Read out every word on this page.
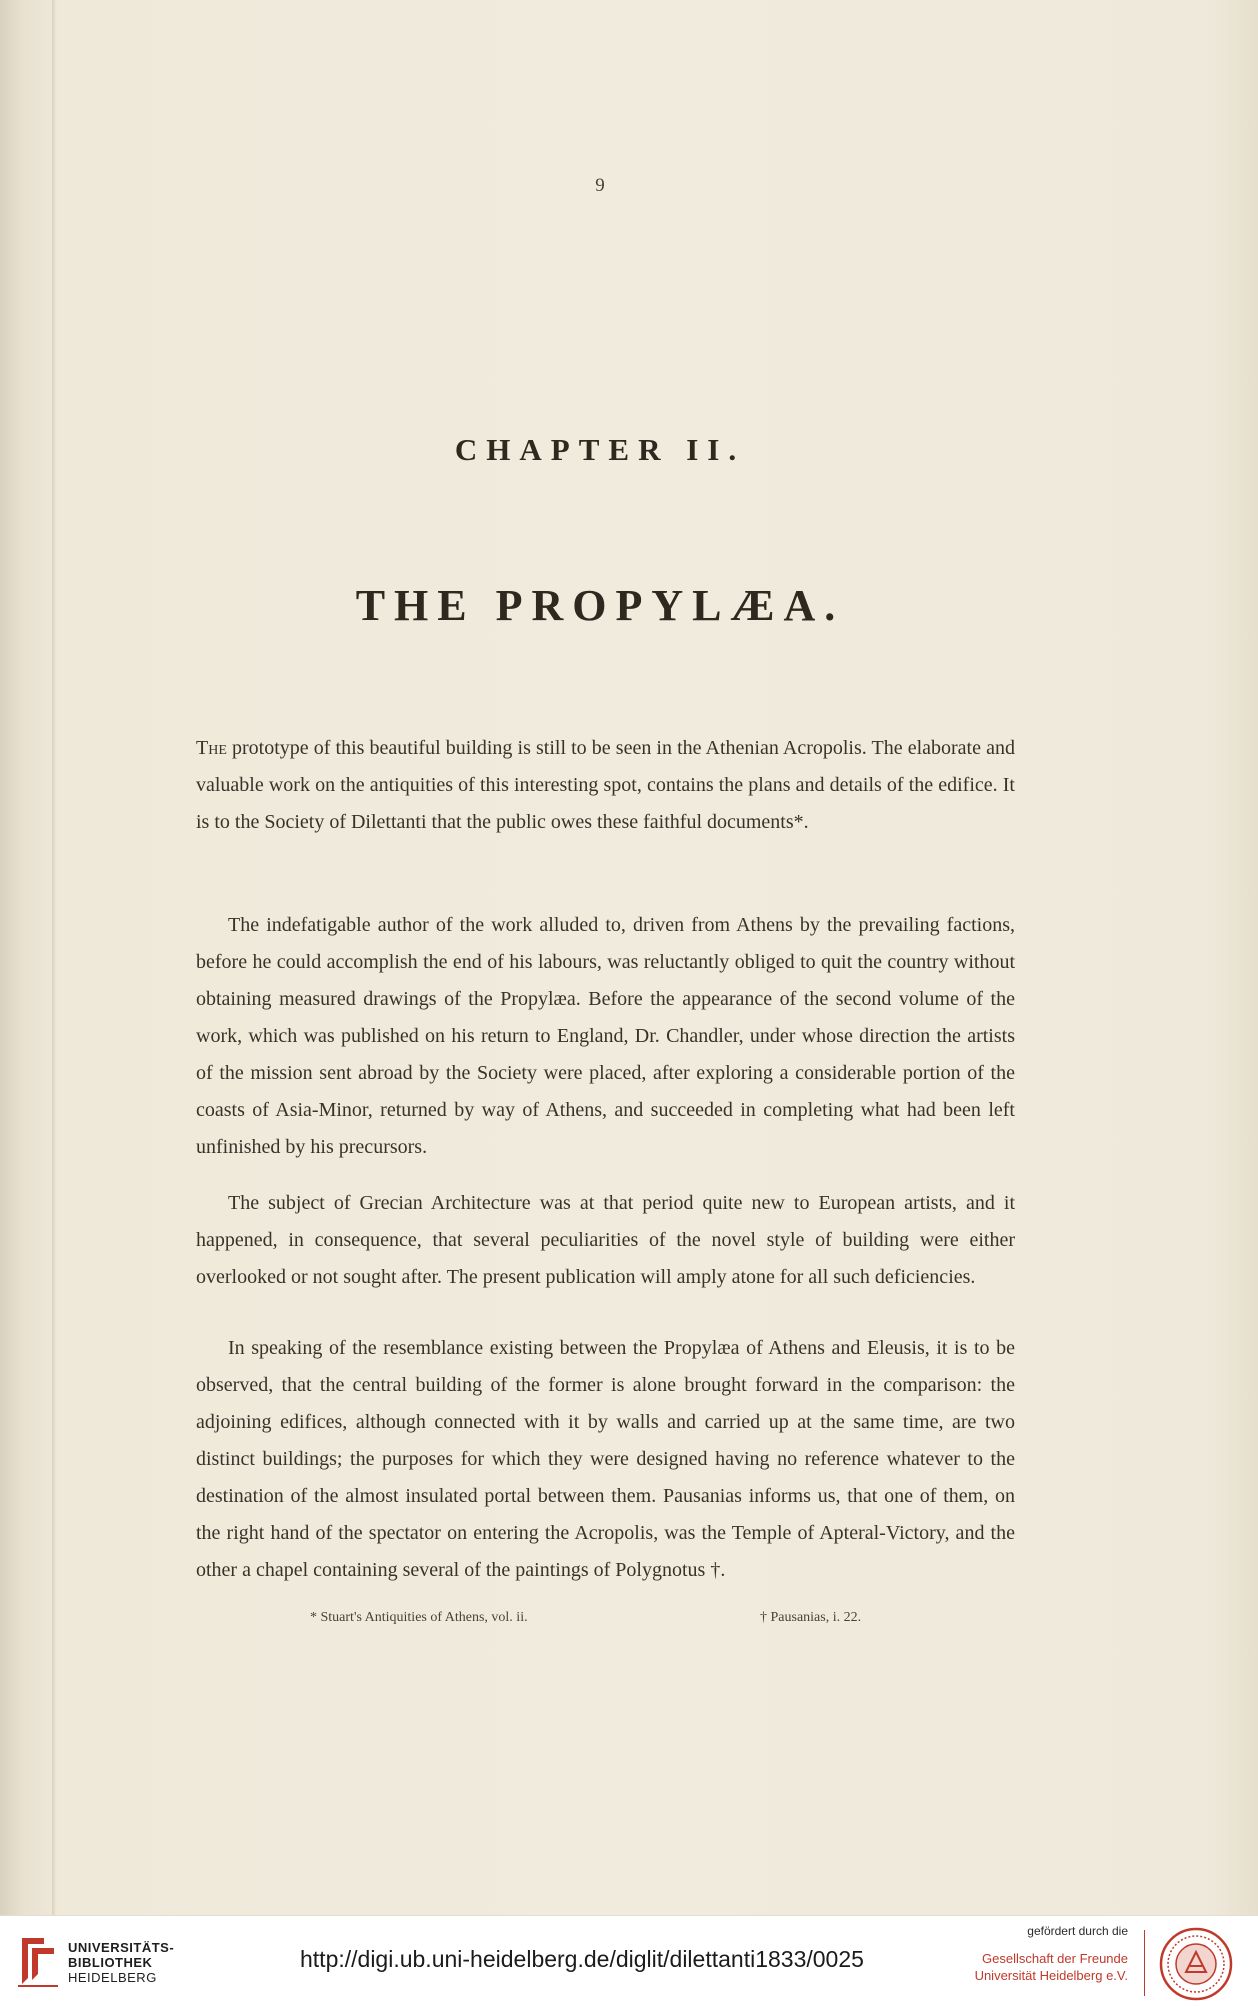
9
CHAPTER II.
THE PROPYLÆA.

The prototype of this beautiful building is still to be seen in the Athenian Acropolis. The elaborate and valuable work on the antiquities of this interesting spot, contains the plans and details of the edifice. It is to the Society of Dilettanti that the public owes these faithful documents*.

The indefatigable author of the work alluded to, driven from Athens by the prevailing factions, before he could accomplish the end of his labours, was reluctantly obliged to quit the country without obtaining measured drawings of the Propylæa. Before the appearance of the second volume of the work, which was published on his return to England, Dr. Chandler, under whose direction the artists of the mission sent abroad by the Society were placed, after exploring a considerable portion of the coasts of Asia-Minor, returned by way of Athens, and succeeded in completing what had been left unfinished by his precursors.

The subject of Grecian Architecture was at that period quite new to European artists, and it happened, in consequence, that several peculiarities of the novel style of building were either overlooked or not sought after. The present publication will amply atone for all such deficiencies.

In speaking of the resemblance existing between the Propylæa of Athens and Eleusis, it is to be observed, that the central building of the former is alone brought forward in the comparison: the adjoining edifices, although connected with it by walls and carried up at the same time, are two distinct buildings; the purposes for which they were designed having no reference whatever to the destination of the almost insulated portal between them. Pausanias informs us, that one of them, on the right hand of the spectator on entering the Acropolis, was the Temple of Apteral-Victory, and the other a chapel containing several of the paintings of Polygnotus †.

* Stuart's Antiquities of Athens, vol. ii.	† Pausanias, i. 22.
UNIVERSITÄTS-
BIBLIOTHEK
HEIDELBERG
http://digi.ub.uni-heidelberg.de/diglit/dilettanti1833/0025
gefördert durch die
Gesellschaft der Freunde
Universität Heidelberg e.V.
